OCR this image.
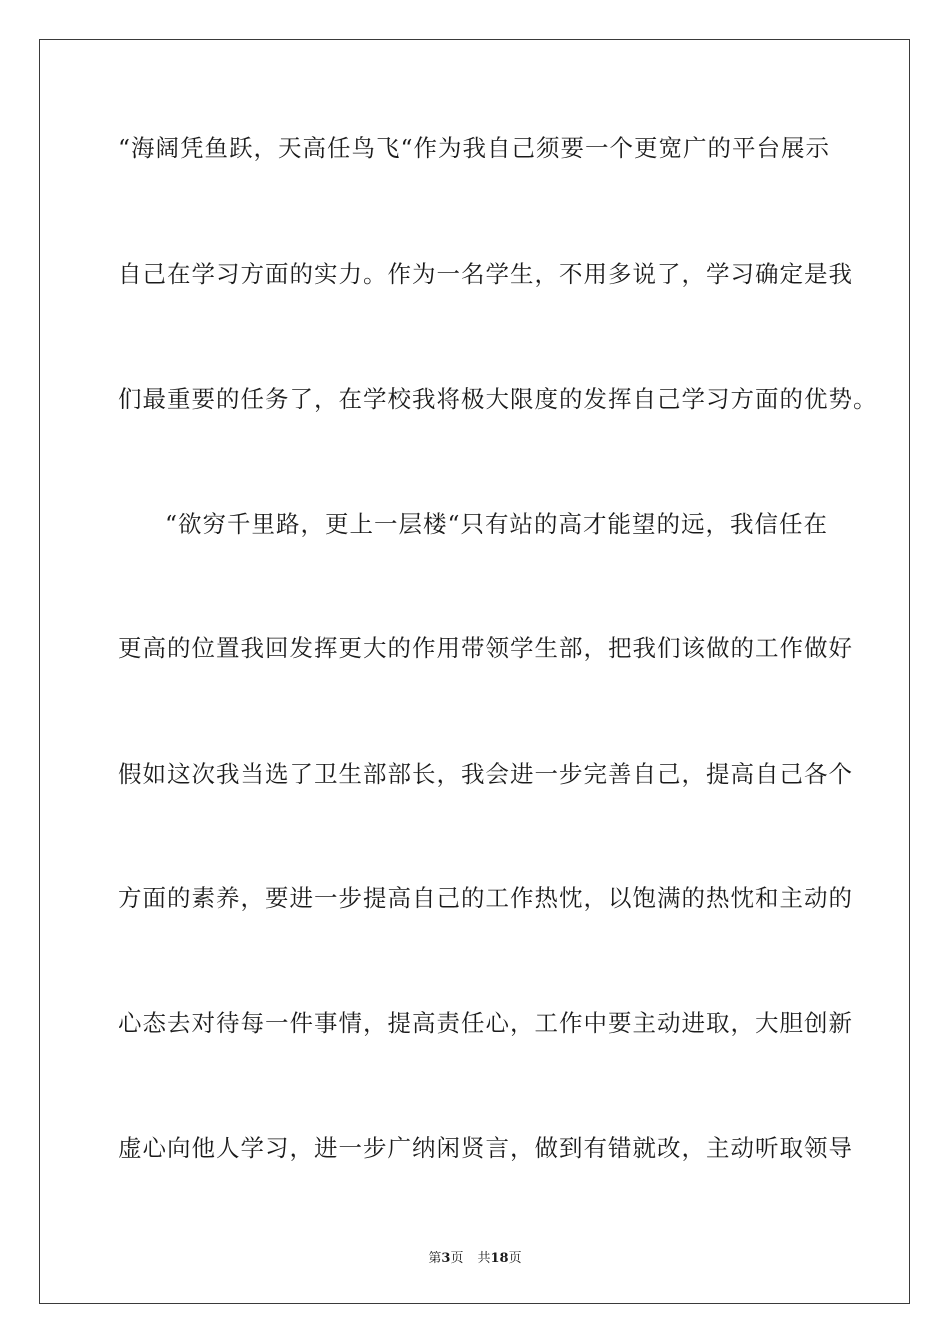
“海阔凭鱼跃，天高任鸟飞“作为我自己须要一个更宽广的平台展示
自己在学习方面的实力。作为一名学生，不用多说了，学习确定是我
们最重要的任务了，在学校我将极大限度的发挥自己学习方面的优势。
“欲穷千里路，更上一层楼“只有站的高才能望的远，我信任在
更高的位置我回发挥更大的作用带领学生部，把我们该做的工作做好
假如这次我当选了卫生部部长，我会进一步完善自己，提高自己各个
方面的素养，要进一步提高自己的工作热忱，以饱满的热忱和主动的
心态去对待每一件事情，提高责任心，工作中要主动进取，大胆创新
虚心向他人学习，进一步广纳闲贤言，做到有错就改，主动听取领导
第3页 共18页
